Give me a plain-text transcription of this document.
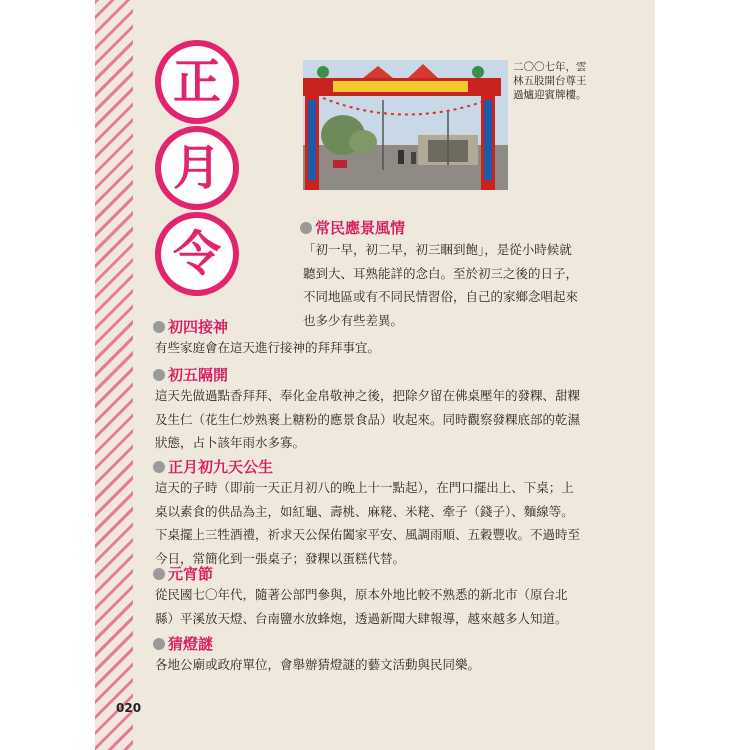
正
月
令
二〇〇七年，雲林五股開台尊王過爐迎賓牌樓。
常民應景風情
「初一早，初二早，初三睏到飽」，是從小時候就聽到大、耳熟能詳的念白。至於初三之後的日子，不同地區或有不同民情習俗，自己的家鄉念唱起來也多少有些差異。
初四接神
有些家庭會在這天進行接神的拜拜事宜。
初五隔開
這天先做過點香拜拜、奉化金帛敬神之後，把除夕留在佛桌壓年的發粿、甜粿及生仁（花生仁炒熟裹上糖粉的應景食品）收起來。同時觀察發粿底部的乾濕狀態，占卜該年雨水多寡。
正月初九天公生
這天的子時（即前一天正月初八的晚上十一點起），在門口擺出上、下桌；上桌以素食的供品為主，如紅龜、壽桃、麻粩、米粩、牽子（錢子）、麵線等。下桌擺上三牲酒禮，祈求天公保佑闔家平安、風調雨順、五穀豐收。不過時至今日，常簡化到一張桌子；發粿以蛋糕代替。
元宵節
從民國七〇年代，隨著公部門參與，原本外地比較不熟悉的新北市（原台北縣）平溪放天燈、台南鹽水放蜂炮，透過新聞大肆報導，越來越多人知道。
猜燈謎
各地公廟或政府單位，會舉辦猜燈謎的藝文活動與民同樂。
020
